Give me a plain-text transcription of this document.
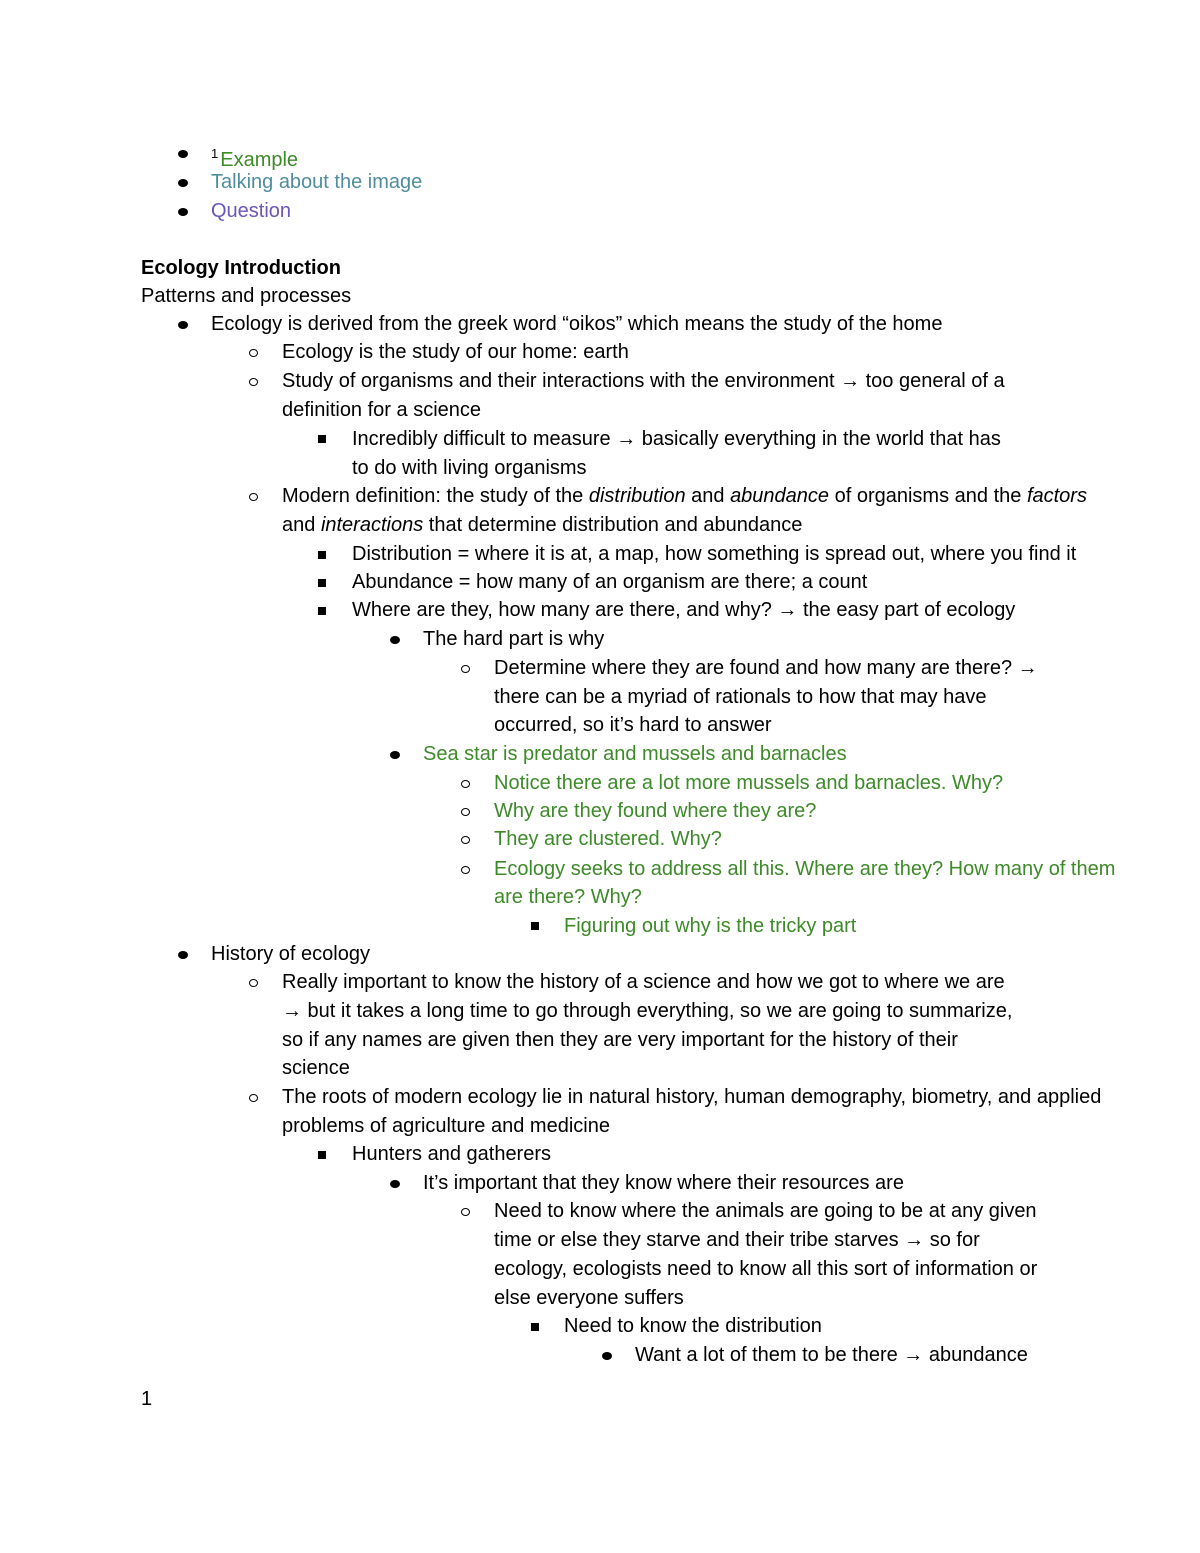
$^1$ Example
Talking about the image
Question
Ecology Introduction
Patterns and processes
Ecology is derived from the greek word “oikos” which means the study of the home
Ecology is the study of our home: earth
Study of organisms and their interactions with the environment → too general of a
definition for a science
Incredibly difficult to measure → basically everything in the world that has
to do with living organisms
Modern definition: the study of the distribution and abundance of organisms and the factors
and interactions that determine distribution and abundance
Distribution = where it is at, a map, how something is spread out, where you find it
Abundance = how many of an organism are there; a count
Where are they, how many are there, and why? → the easy part of ecology
The hard part is why
Determine where they are found and how many are there? →
there can be a myriad of rationals to how that may have
occurred, so it’s hard to answer
Sea star is predator and mussels and barnacles
Notice there are a lot more mussels and barnacles. Why?
Why are they found where they are?
They are clustered. Why?
Ecology seeks to address all this. Where are they? How many of them
are there? Why?
Figuring out why is the tricky part
History of ecology
Really important to know the history of a science and how we got to where we are
→ but it takes a long time to go through everything, so we are going to summarize,
so if any names are given then they are very important for the history of their
science
The roots of modern ecology lie in natural history, human demography, biometry, and applied
problems of agriculture and medicine
Hunters and gatherers
It’s important that they know where their resources are
Need to know where the animals are going to be at any given
time or else they starve and their tribe starves → so for
ecology, ecologists need to know all this sort of information or
else everyone suffers
Need to know the distribution
Want a lot of them to be there → abundance
1
